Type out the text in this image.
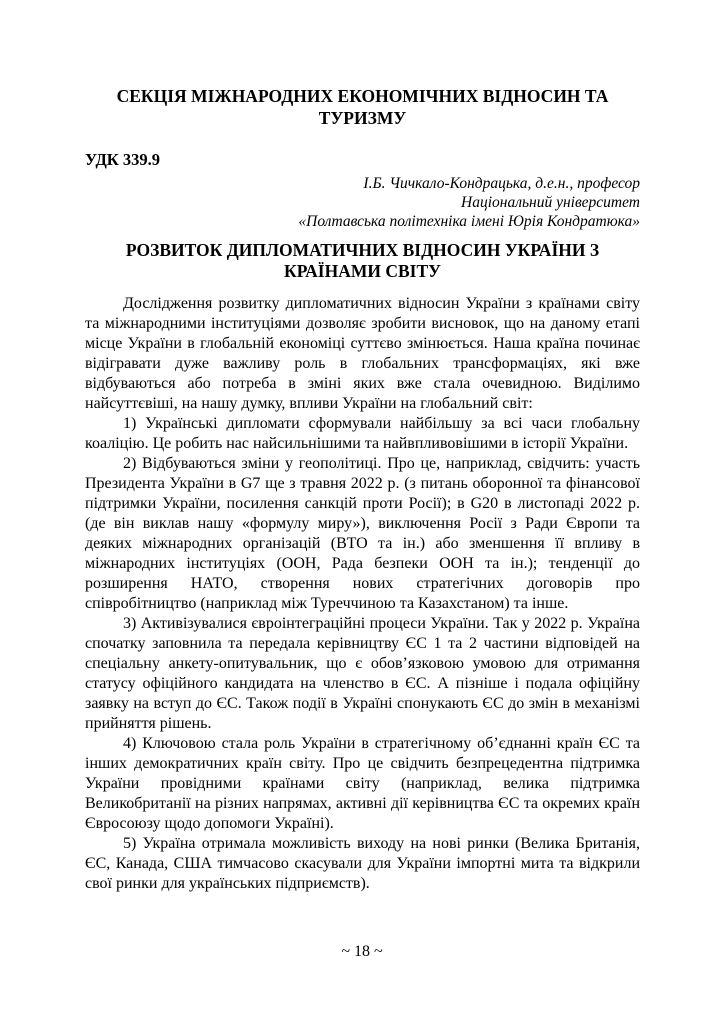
СЕКЦІЯ МІЖНАРОДНИХ ЕКОНОМІЧНИХ ВІДНОСИН ТА ТУРИЗМУ

УДК 339.9

І.Б. Чичкало-Кондрацька, д.е.н., професор

Національний університет

«Полтавська політехніка імені Юрія Кондратюка»

РОЗВИТОК ДИПЛОМАТИЧНИХ ВІДНОСИН УКРАЇНИ З КРАЇНАМИ СВІТУ

Дослідження розвитку дипломатичних відносин України з країнами світу та міжнародними інституціями дозволяє зробити висновок, що на даному етапі місце України в глобальній економіці суттєво змінюється. Наша країна починає відігравати дуже важливу роль в глобальних трансформаціях, які вже відбуваються або потреба в зміні яких вже стала очевидною. Виділимо найсуттєвіші, на нашу думку, впливи України на глобальний світ:

1) Українські дипломати сформували найбільшу за всі часи глобальну коаліцію. Це робить нас найсильнішими та найвпливовішими в історії України.

2) Відбуваються зміни у геополітиці. Про це, наприклад, свідчить: участь Президента України в G7 ще з травня 2022 р. (з питань оборонної та фінансової підтримки України, посилення санкцій проти Росії); в G20 в листопаді 2022 р. (де він виклав нашу «формулу миру»), виключення Росії з Ради Європи та деяких міжнародних організацій (ВТО та ін.) або зменшення її впливу в міжнародних інституціях (ООН, Рада безпеки ООН та ін.); тенденції до розширення НАТО, створення нових стратегічних договорів про співробітництво (наприклад між Туреччиною та Казахстаном) та інше.

3) Активізувалися євроінтеграційні процеси України. Так у 2022 р. Україна спочатку заповнила та передала керівництву ЄС 1 та 2 частини відповідей на спеціальну анкету-опитувальник, що є обов’язковою умовою для отримання статусу офіційного кандидата на членство в ЄС. А пізніше і подала офіційну заявку на вступ до ЄС. Також події в Україні спонукають ЄС до змін в механізмі прийняття рішень.

4) Ключовою стала роль України в стратегічному об’єднанні країн ЄС та інших демократичних країн світу. Про це свідчить безпрецедентна підтримка України провідними країнами світу (наприклад, велика підтримка Великобританії на різних напрямах, активні дії керівництва ЄС та окремих країн Євросоюзу щодо допомоги Україні).

5) Україна отримала можливість виходу на нові ринки (Велика Британія, ЄС, Канада, США тимчасово скасували для України імпортні мита та відкрили свої ринки для українських підприємств).

~ 18 ~
